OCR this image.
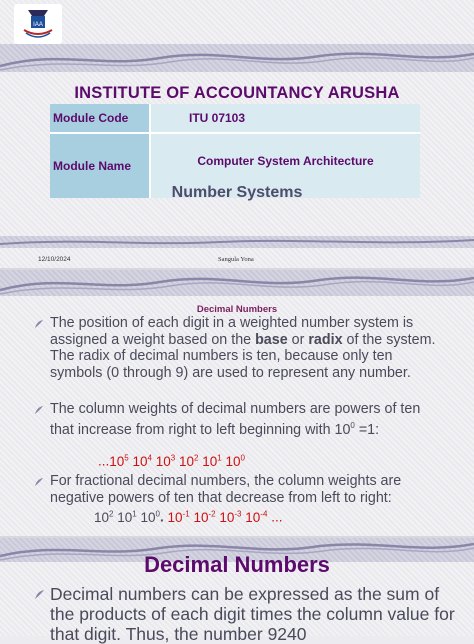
IAA
INSTITUTE OF ACCOUNTANCY ARUSHA
Module Code	ITU 07103
Module Name	Computer System Architecture
Number Systems
12/10/2024	Sangula Yona
Decimal Numbers
The position of each digit in a weighted number system is assigned a weight based on the base or radix of the system. The radix of decimal numbers is ten, because only ten symbols (0 through 9) are used to represent any number.
The column weights of decimal numbers are powers of ten that increase from right to left beginning with $10^0 =1$:
...10$^5$ $10^4$ $10^3$ $10^2$ $10^1$ $10^0$
For fractional decimal numbers, the column weights are negative powers of ten that decrease from left to right:
$10^2$ $10^1$ $10^0$. $10^{-1}$ $10^{-2}$ $10^{-3}$ $10^{-4}$ ...
Decimal Numbers
Decimal numbers can be expressed as the sum of the products of each digit times the column value for that digit. Thus, the number 9240
